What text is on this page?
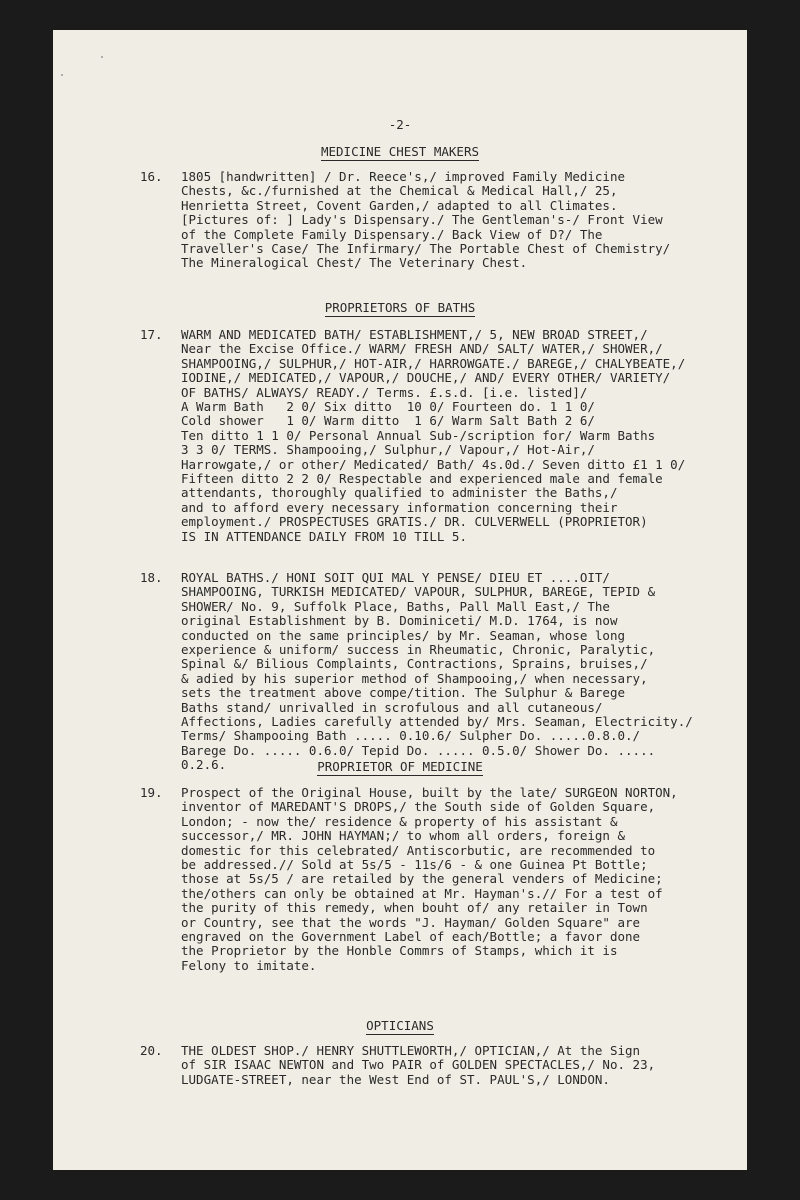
-2-
MEDICINE CHEST MAKERS
16. 1805 [handwritten] / Dr. Reece's,/ improved Family Medicine

Chests, &c./furnished at the Chemical & Medical Hall,/ 25,

Henrietta Street, Covent Garden,/ adapted to all Climates.

[Pictures of: ] Lady's Dispensary./ The Gentleman's-/ Front View

of the Complete Family Dispensary./ Back View of D?/ The

Traveller's Case/ The Infirmary/ The Portable Chest of Chemistry/

The Mineralogical Chest/ The Veterinary Chest.

PROPRIETORS OF BATHS
17. WARM AND MEDICATED BATH/ ESTABLISHMENT,/ 5, NEW BROAD STREET,/

Near the Excise Office./ WARM/ FRESH AND/ SALT/ WATER,/ SHOWER,/

SHAMPOOING,/ SULPHUR,/ HOT-AIR,/ HARROWGATE./ BAREGE,/ CHALYBEATE,/

IODINE,/ MEDICATED,/ VAPOUR,/ DOUCHE,/ AND/ EVERY OTHER/ VARIETY/

OF BATHS/ ALWAYS/ READY./ Terms. £.s.d. [i.e. listed]/

A Warm Bath   2 0/ Six ditto  10 0/ Fourteen do. 1 1 0/

Cold shower   1 0/ Warm ditto  1 6/ Warm Salt Bath 2 6/

Ten ditto 1 1 0/ Personal Annual Sub-/scription for/ Warm Baths

3 3 0/ TERMS. Shampooing,/ Sulphur,/ Vapour,/ Hot-Air,/

Harrowgate,/ or other/ Medicated/ Bath/ 4s.0d./ Seven ditto £1 1 0/

Fifteen ditto 2 2 0/ Respectable and experienced male and female

attendants, thoroughly qualified to administer the Baths,/

and to afford every necessary information concerning their

employment./ PROSPECTUSES GRATIS./ DR. CULVERWELL (PROPRIETOR)

IS IN ATTENDANCE DAILY FROM 10 TILL 5.

18. ROYAL BATHS./ HONI SOIT QUI MAL Y PENSE/ DIEU ET ....OIT/

SHAMPOOING, TURKISH MEDICATED/ VAPOUR, SULPHUR, BAREGE, TEPID &

SHOWER/ No. 9, Suffolk Place, Baths, Pall Mall East,/ The

original Establishment by B. Dominiceti/ M.D. 1764, is now

conducted on the same principles/ by Mr. Seaman, whose long

experience & uniform/ success in Rheumatic, Chronic, Paralytic,

Spinal &/ Bilious Complaints, Contractions, Sprains, bruises,/

& adied by his superior method of Shampooing,/ when necessary,

sets the treatment above compe/tition. The Sulphur & Barege

Baths stand/ unrivalled in scrofulous and all cutaneous/

Affections, Ladies carefully attended by/ Mrs. Seaman, Electricity./

Terms/ Shampooing Bath ..... 0.10.6/ Sulpher Do. .....0.8.0./

Barege Do. ..... 0.6.0/ Tepid Do. ..... 0.5.0/ Shower Do. .....

0.2.6.	PROPRIETOR OF MEDICINE
19. Prospect of the Original House, built by the late/ SURGEON NORTON,

inventor of MAREDANT'S DROPS,/ the South side of Golden Square,

London; - now the/ residence & property of his assistant &

successor,/ MR. JOHN HAYMAN;/ to whom all orders, foreign &

domestic for this celebrated/ Antiscorbutic, are recommended to

be addressed.// Sold at 5s/5 - 11s/6 - & one Guinea Pt Bottle;

those at 5s/5 / are retailed by the general venders of Medicine;

the/others can only be obtained at Mr. Hayman's.// For a test of

the purity of this remedy, when bouht of/ any retailer in Town

or Country, see that the words "J. Hayman/ Golden Square" are

engraved on the Government Label of each/Bottle; a favor done

the Proprietor by the Honble Commrs of Stamps, which it is

Felony to imitate.

OPTICIANS
20. THE OLDEST SHOP./ HENRY SHUTTLEWORTH,/ OPTICIAN,/ At the Sign

of SIR ISAAC NEWTON and Two PAIR of GOLDEN SPECTACLES,/ No. 23,

LUDGATE-STREET, near the West End of ST. PAUL'S,/ LONDON.
